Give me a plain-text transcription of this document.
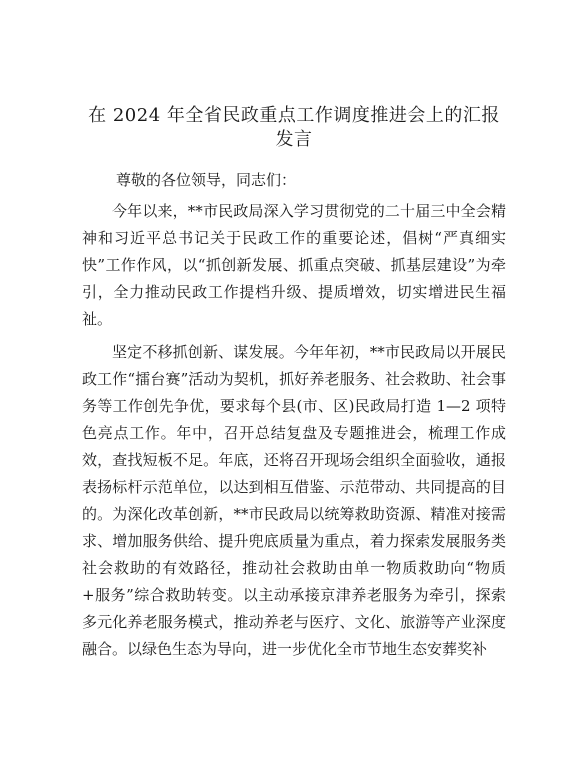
在 2024 年全省民政重点工作调度推进会上的汇报发言
尊敬的各位领导，同志们：
今年以来，**市民政局深入学习贯彻党的二十届三中全会精神和习近平总书记关于民政工作的重要论述，倡树“严真细实快”工作作风，以“抓创新发展、抓重点突破、抓基层建设”为牵引，全力推动民政工作提档升级、提质增效，切实增进民生福祉。
坚定不移抓创新、谋发展。今年年初，**市民政局以开展民政工作“擂台赛”活动为契机，抓好养老服务、社会救助、社会事务等工作创先争优，要求每个县(市、区)民政局打造 1—2 项特色亮点工作。年中，召开总结复盘及专题推进会，梳理工作成效，查找短板不足。年底，还将召开现场会组织全面验收，通报表扬标杆示范单位，以达到相互借鉴、示范带动、共同提高的目的。为深化改革创新，**市民政局以统筹救助资源、精准对接需求、增加服务供给、提升兜底质量为重点，着力探索发展服务类社会救助的有效路径，推动社会救助由单一物质救助向“物质+服务”综合救助转变。以主动承接京津养老服务为牵引，探索多元化养老服务模式，推动养老与医疗、文化、旅游等产业深度融合。以绿色生态为导向，进一步优化全市节地生态安葬奖补
